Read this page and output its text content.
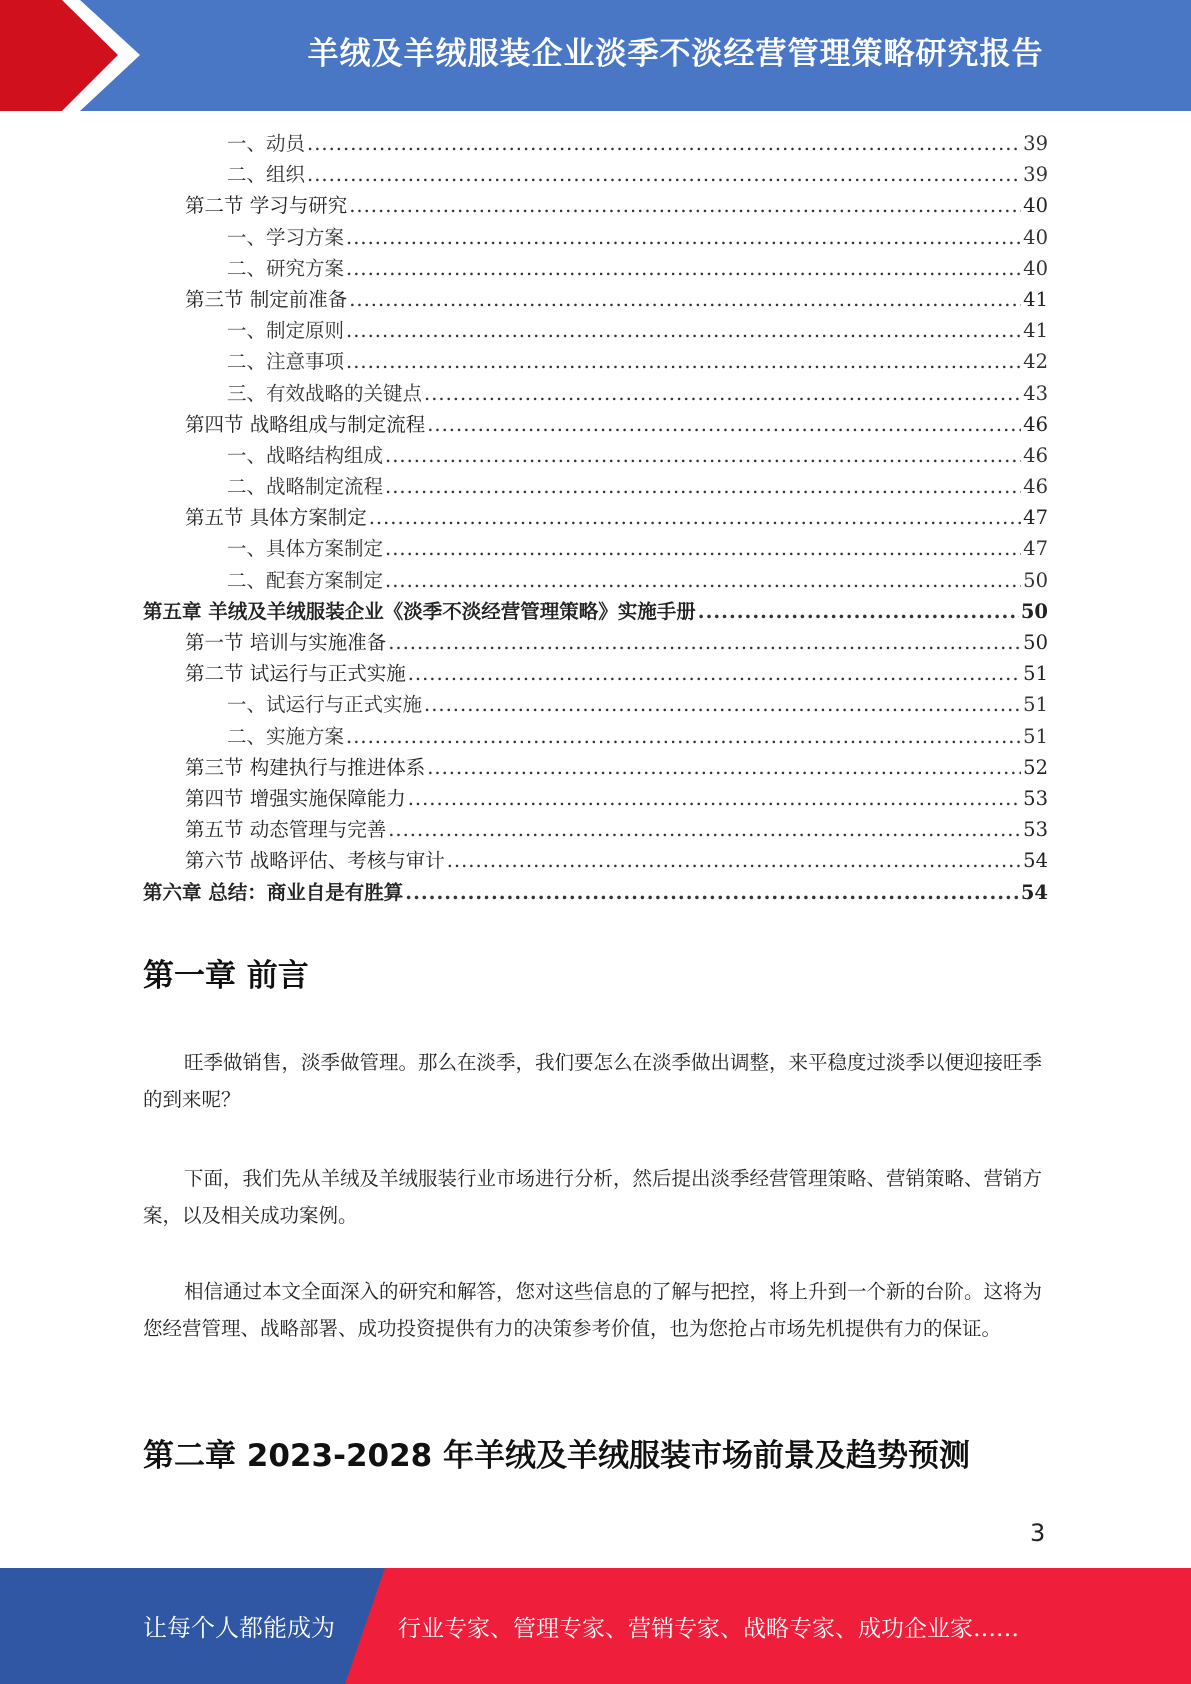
羊绒及羊绒服装企业淡季不淡经营管理策略研究报告
一、动员 .....	39
二、组织 .....	39
第二节 学习与研究 .....	40
一、学习方案 .....	40
二、研究方案 .....	40
第三节 制定前准备 .....	41
一、制定原则 .....	41
二、注意事项 .....	42
三、有效战略的关键点 .....	43
第四节 战略组成与制定流程 .....	46
一、战略结构组成 .....	46
二、战略制定流程 .....	46
第五节 具体方案制定 .....	47
一、具体方案制定 .....	47
二、配套方案制定 .....	50
第五章 羊绒及羊绒服装企业《淡季不淡经营管理策略》实施手册 .....	50
第一节 培训与实施准备 .....	50
第二节 试运行与正式实施 .....	51
一、试运行与正式实施 .....	51
二、实施方案 .....	51
第三节 构建执行与推进体系 .....	52
第四节 增强实施保障能力 .....	53
第五节 动态管理与完善 .....	53
第六节 战略评估、考核与审计 .....	54
第六章 总结：商业自是有胜算 .....	54
第一章 前言

旺季做销售，淡季做管理。那么在淡季，我们要怎么在淡季做出调整，来平稳度过淡季以便迎接旺季的到来呢？

下面，我们先从羊绒及羊绒服装行业市场进行分析，然后提出淡季经营管理策略、营销策略、营销方案，以及相关成功案例。

相信通过本文全面深入的研究和解答，您对这些信息的了解与把控，将上升到一个新的台阶。这将为您经营管理、战略部署、成功投资提供有力的决策参考价值，也为您抢占市场先机提供有力的保证。

第二章 2023-2028 年羊绒及羊绒服装市场前景及趋势预测
3
让每个人都能成为	行业专家、管理专家、营销专家、战略专家、成功企业家……
